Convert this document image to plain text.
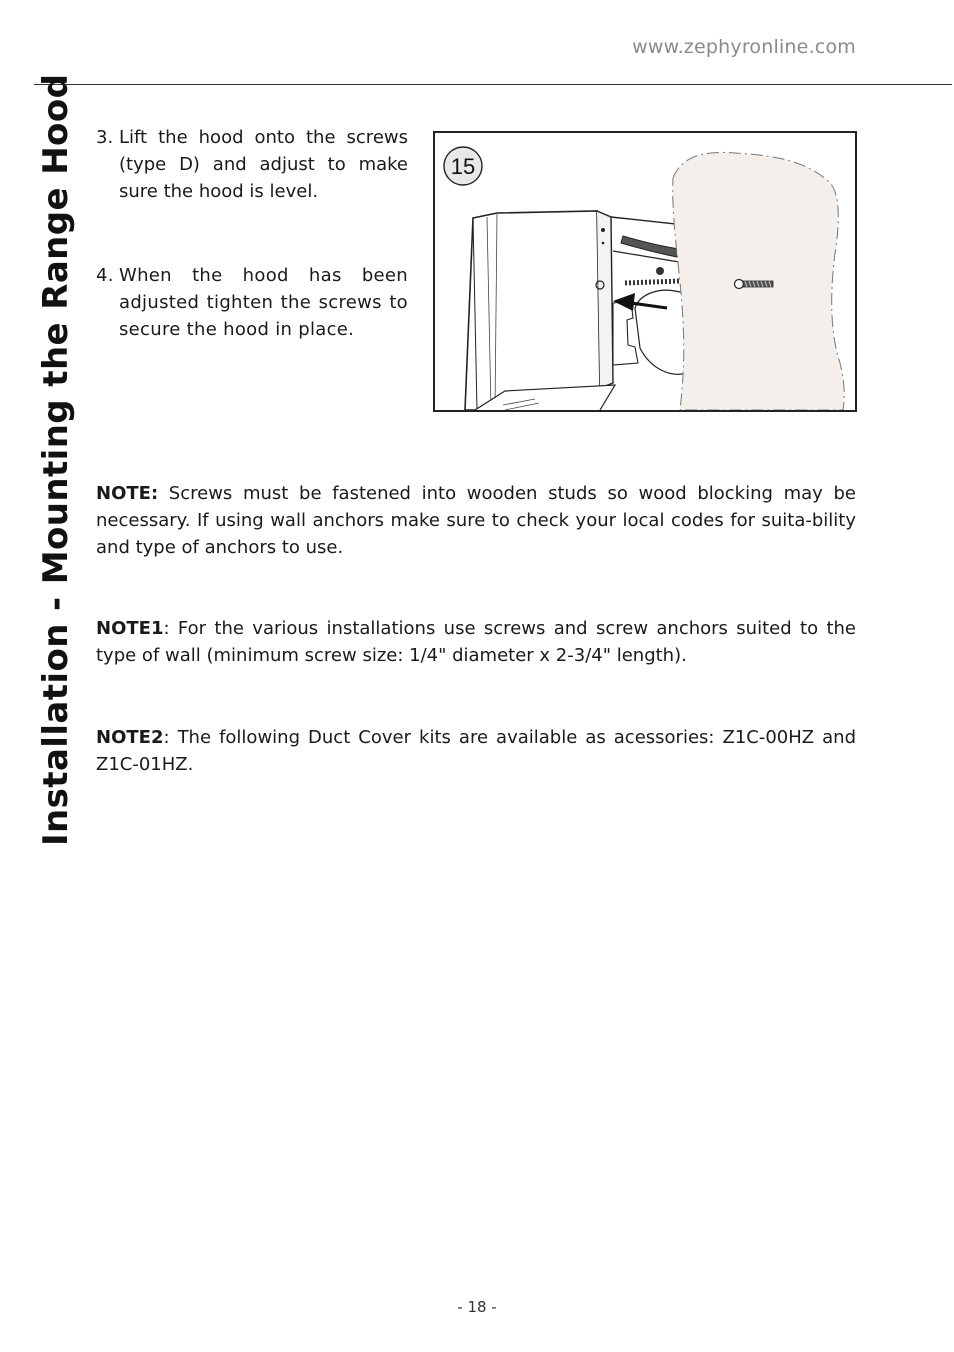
www.zephyronline.com
Installation - Mounting the Range Hood 3. Lift the hood onto the screws (type D) and adjust to make sure the hood is level.
4. When the hood has been adjusted tighten the screws to secure the hood in place.
15
NOTE: Screws must be fastened into wooden studs so wood blocking may be necessary. If using wall anchors make sure to check your local codes for suita-bility and type of anchors to use.
NOTE1: For the various installations use screws and screw anchors suited to the type of wall (minimum screw size: 1/4" diameter x 2-3/4" length).
NOTE2: The following Duct Cover kits are available as acessories: Z1C-00HZ and Z1C-01HZ.
- 18 -
